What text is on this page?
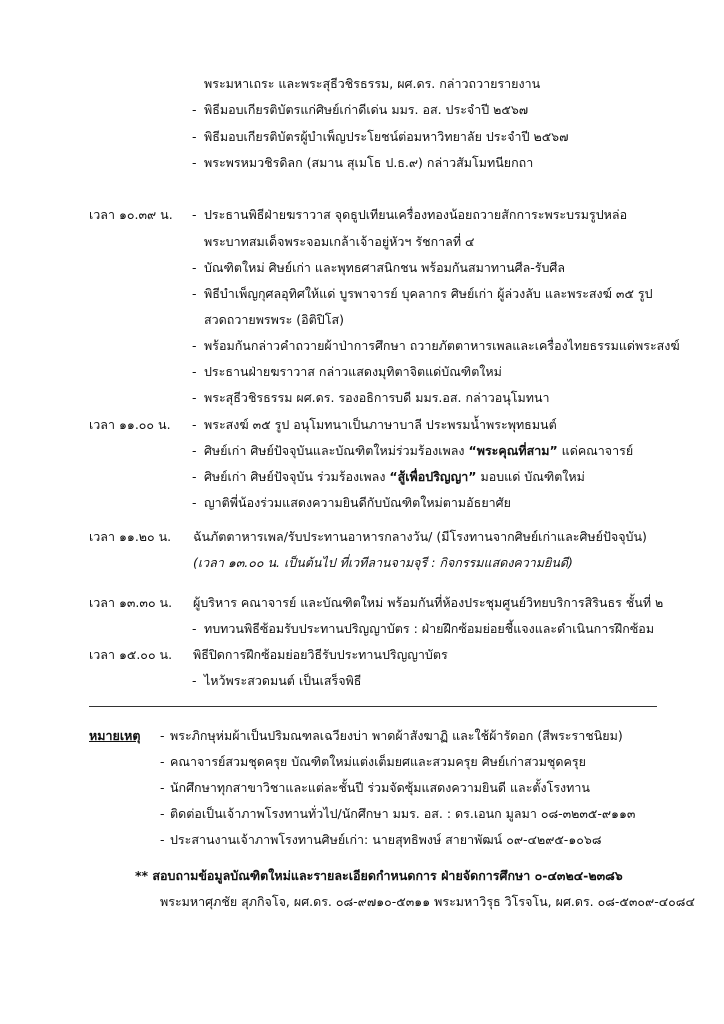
พระมหาเถระ และพระสุธีวชิรธรรม, ผศ.ดร. กล่าวถวายรายงาน
- พิธีมอบเกียรติบัตรแก่ศิษย์เก่าดีเด่น มมร. อส. ประจำปี ๒๕๖๗
- พิธีมอบเกียรติบัตรผู้บำเพ็ญประโยชน์ต่อมหาวิทยาลัย ประจำปี ๒๕๖๗
- พระพรหมวชิรดิลก (สมาน สุเมโธ ป.ธ.๙) กล่าวสัมโมทนียกถา
เวลา ๑๐.๓๙ น. - ประธานพิธีฝ่ายฆราวาส จุดธูปเทียนเครื่องทองน้อยถวายสักการะพระบรมรูปหล่อ
พระบาทสมเด็จพระจอมเกล้าเจ้าอยู่หัวฯ รัชกาลที่ ๔
- บัณฑิตใหม่ ศิษย์เก่า และพุทธศาสนิกชน พร้อมกันสมาทานศีล-รับศีล
- พิธีบำเพ็ญกุศลอุทิศให้แด่ บูรพาจารย์ บุคลากร ศิษย์เก่า ผู้ล่วงลับ และพระสงฆ์ ๓๕ รูป
สวดถวายพรพระ (อิติปิโส)
- พร้อมกันกล่าวคำถวายผ้าป่าการศึกษา ถวายภัตตาหารเพลและเครื่องไทยธรรมแด่พระสงฆ์
- ประธานฝ่ายฆราวาส กล่าวแสดงมุทิตาจิตแด่บัณฑิตใหม่
- พระสุธีวชิรธรรม ผศ.ดร. รองอธิการบดี มมร.อส. กล่าวอนุโมทนา
เวลา ๑๑.๐๐ น. - พระสงฆ์ ๓๕ รูป อนุโมทนาเป็นภาษาบาลี ประพรมน้ำพระพุทธมนต์
- ศิษย์เก่า ศิษย์ปัจจุบันและบัณฑิตใหม่ร่วมร้องเพลง “พระคุณที่สาม” แด่คณาจารย์
- ศิษย์เก่า ศิษย์ปัจจุบัน ร่วมร้องเพลง “สู้เพื่อปริญญา” มอบแด่ บัณฑิตใหม่
- ญาติพี่น้องร่วมแสดงความยินดีกับบัณฑิตใหม่ตามอัธยาศัย
เวลา ๑๑.๒๐ น. ฉันภัตตาหารเพล/รับประทานอาหารกลางวัน/ (มีโรงทานจากศิษย์เก่าและศิษย์ปัจจุบัน)
(เวลา ๑๓.๐๐ น. เป็นต้นไป ที่เวทีลานจามจุรี : กิจกรรมแสดงความยินดี)
เวลา ๑๓.๓๐ น. ผู้บริหาร คณาจารย์ และบัณฑิตใหม่ พร้อมกันที่ห้องประชุมศูนย์วิทยบริการสิรินธร ชั้นที่ ๒
- ทบทวนพิธีซ้อมรับประทานปริญญาบัตร : ฝ่ายฝึกซ้อมย่อยชี้แจงและดำเนินการฝึกซ้อม
เวลา ๑๕.๐๐ น. พิธีปิดการฝึกซ้อมย่อยวิธีรับประทานปริญญาบัตร
- ไหว้พระสวดมนต์ เป็นเสร็จพิธี
หมายเหตุ - พระภิกษุห่มผ้าเป็นปริมณฑลเฉวียงบ่า พาดผ้าสังฆาฏิ และใช้ผ้ารัดอก (สีพระราชนิยม)
- คณาจารย์สวมชุดครุย บัณฑิตใหม่แต่งเต็มยศและสวมครุย ศิษย์เก่าสวมชุดครุย
- นักศึกษาทุกสาขาวิชาและแต่ละชั้นปี ร่วมจัดซุ้มแสดงความยินดี และตั้งโรงทาน
- ติดต่อเป็นเจ้าภาพโรงทานทั่วไป/นักศึกษา มมร. อส. : ดร.เอนก มูลมา ๐๘-๓๒๓๕-๙๑๑๓
- ประสานงานเจ้าภาพโรงทานศิษย์เก่า: นายสุทธิพงษ์ สายาพัฒน์ ๐๙-๔๒๙๕-๑๐๖๘
** สอบถามข้อมูลบัณฑิตใหม่และรายละเอียดกำหนดการ ฝ่ายจัดการศึกษา ๐-๔๓๒๔-๒๓๘๖
พระมหาศุภชัย สุภกิจโจ, ผศ.ดร. ๐๘-๙๗๑๐-๕๓๑๑ พระมหาวิรุธ วิโรจโน, ผศ.ดร. ๐๘-๕๓๐๙-๔๐๘๔
